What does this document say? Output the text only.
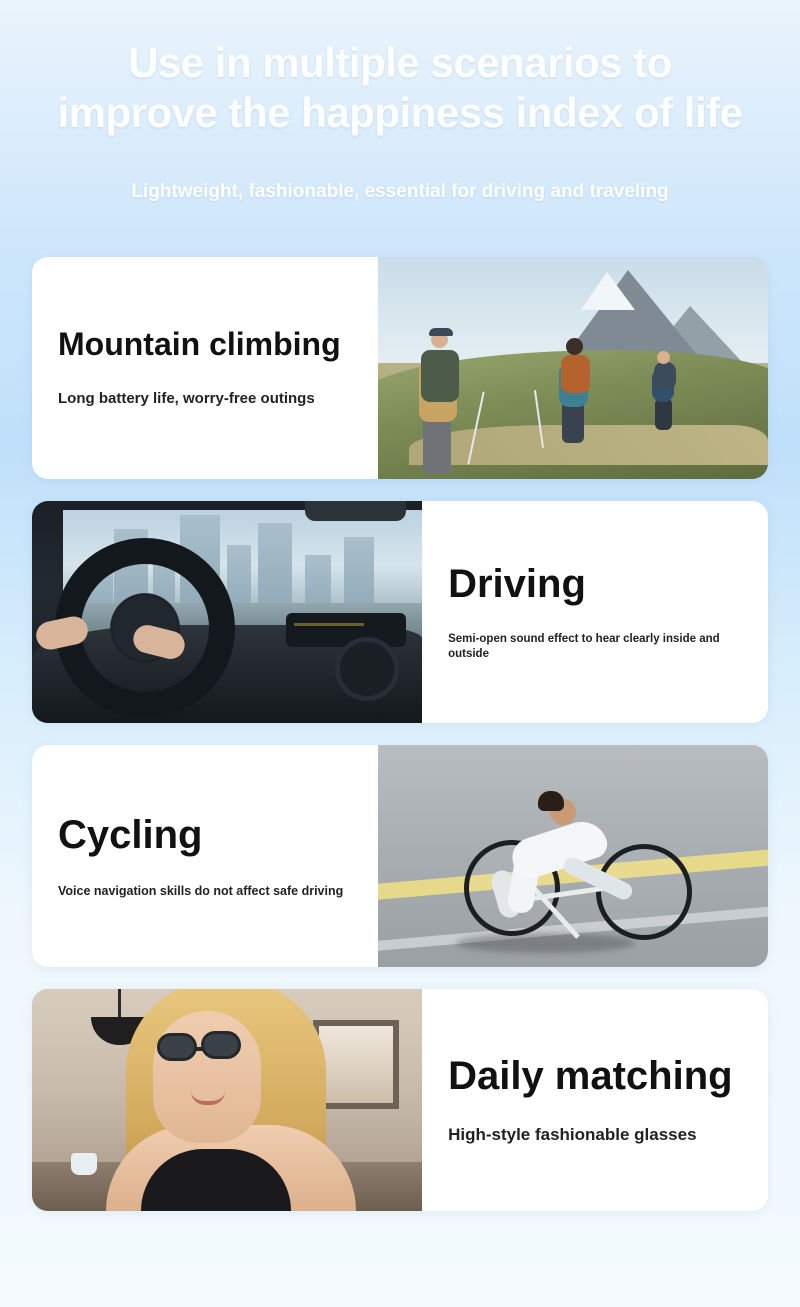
Use in multiple scenarios to improve the happiness index of life
Lightweight, fashionable, essential for driving and traveling
Mountain climbing
Long battery life, worry-free outings
Driving
Semi-open sound effect to hear clearly inside and outside
Cycling
Voice navigation skills do not affect safe driving
Daily matching
High-style fashionable glasses
